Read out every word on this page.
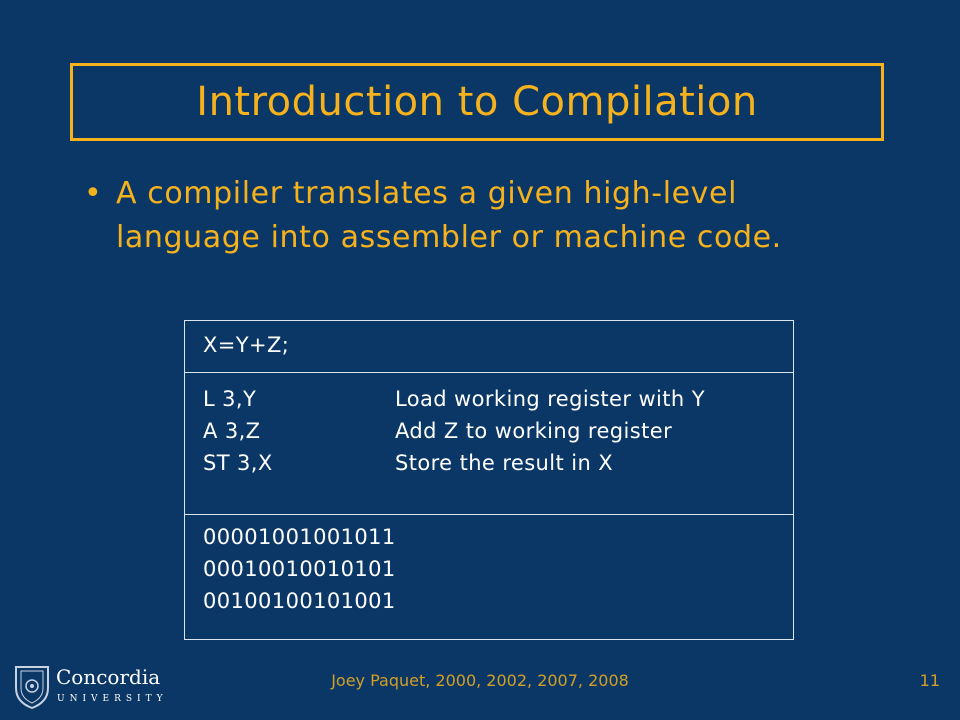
Introduction to Compilation
• A compiler translates a given high-level language into assembler or machine code.
X=Y+Z;
L 3,Y	Load working register with Y
A 3,Z	Add Z to working register
ST 3,X	Store the result in X
00001001001011
00010010010101
00100100101001
Concordia
UNIVERSITY
Joey Paquet, 2000, 2002, 2007, 2008	11
